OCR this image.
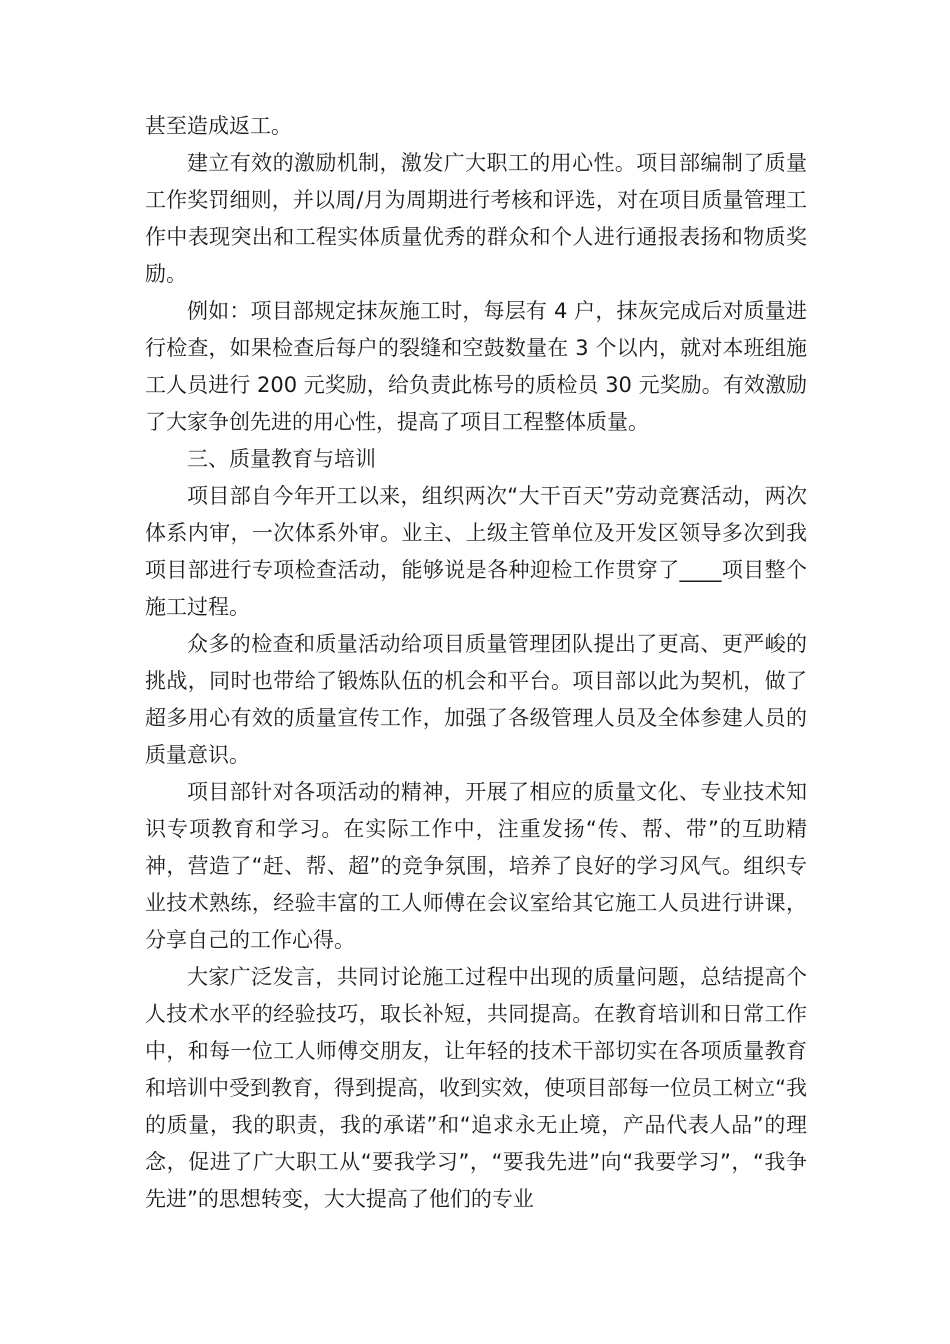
甚至造成返工。

建立有效的激励机制，激发广大职工的用心性。项目部编制了质量工作奖罚细则，并以周/月为周期进行考核和评选，对在项目质量管理工作中表现突出和工程实体质量优秀的群众和个人进行通报表扬和物质奖励。

例如：项目部规定抹灰施工时，每层有 4 户，抹灰完成后对质量进行检查，如果检查后每户的裂缝和空鼓数量在 3 个以内，就对本班组施工人员进行 200 元奖励，给负责此栋号的质检员 30 元奖励。有效激励了大家争创先进的用心性，提高了项目工程整体质量。

三、质量教育与培训

项目部自今年开工以来，组织两次“大干百天”劳动竞赛活动，两次体系内审，一次体系外审。业主、上级主管单位及开发区领导多次到我项目部进行专项检查活动，能够说是各种迎检工作贯穿了____项目整个施工过程。

众多的检查和质量活动给项目质量管理团队提出了更高、更严峻的挑战，同时也带给了锻炼队伍的机会和平台。项目部以此为契机，做了超多用心有效的质量宣传工作，加强了各级管理人员及全体参建人员的质量意识。

项目部针对各项活动的精神，开展了相应的质量文化、专业技术知识专项教育和学习。在实际工作中，注重发扬“传、帮、带”的互助精神，营造了“赶、帮、超”的竞争氛围，培养了良好的学习风气。组织专业技术熟练，经验丰富的工人师傅在会议室给其它施工人员进行讲课，分享自己的工作心得。

大家广泛发言，共同讨论施工过程中出现的质量问题，总结提高个人技术水平的经验技巧，取长补短，共同提高。在教育培训和日常工作中，和每一位工人师傅交朋友，让年轻的技术干部切实在各项质量教育和培训中受到教育，得到提高，收到实效，使项目部每一位员工树立“我的质量，我的职责，我的承诺”和“追求永无止境，产品代表人品”的理念，促进了广大职工从“要我学习”，“要我先进”向“我要学习”，“我争先进”的思想转变，大大提高了他们的专业
